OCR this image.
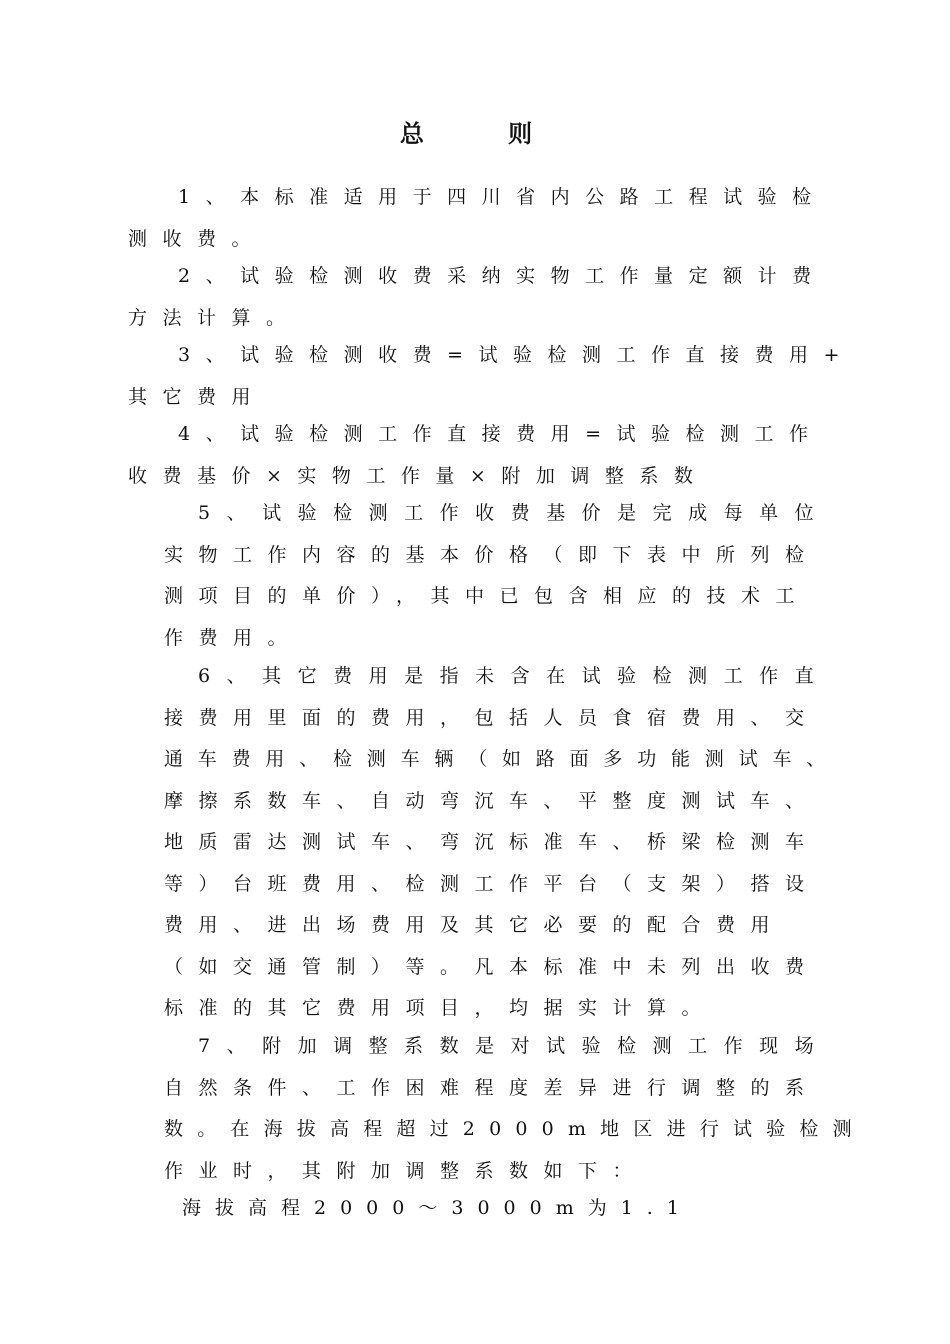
总 则
1、本标准适用于四川省内公路工程试验检
测收费。
2、试验检测收费采纳实物工作量定额计费
方法计算。
3、试验检测收费=试验检测工作直接费用+
其它费用
4、试验检测工作直接费用=试验检测工作
收费基价×实物工作量×附加调整系数
5、试验检测工作收费基价是完成每单位
实物工作内容的基本价格（即下表中所列检
测项目的单价），其中已包含相应的技术工
作费用。
6、其它费用是指未含在试验检测工作直
接费用里面的费用，包括人员食宿费用、交
通车费用、检测车辆（如路面多功能测试车、
摩擦系数车、自动弯沉车、平整度测试车、
地质雷达测试车、弯沉标准车、桥梁检测车
等）台班费用、检测工作平台（支架）搭设
费用、进出场费用及其它必要的配合费用
（如交通管制）等。凡本标准中未列出收费
标准的其它费用项目，均据实计算。
7、附加调整系数是对试验检测工作现场
自然条件、工作困难程度差异进行调整的系
数。在海拔高程超过2000m地区进行试验检测
作业时，其附加调整系数如下：
海拔高程2000～3000m为1.1
